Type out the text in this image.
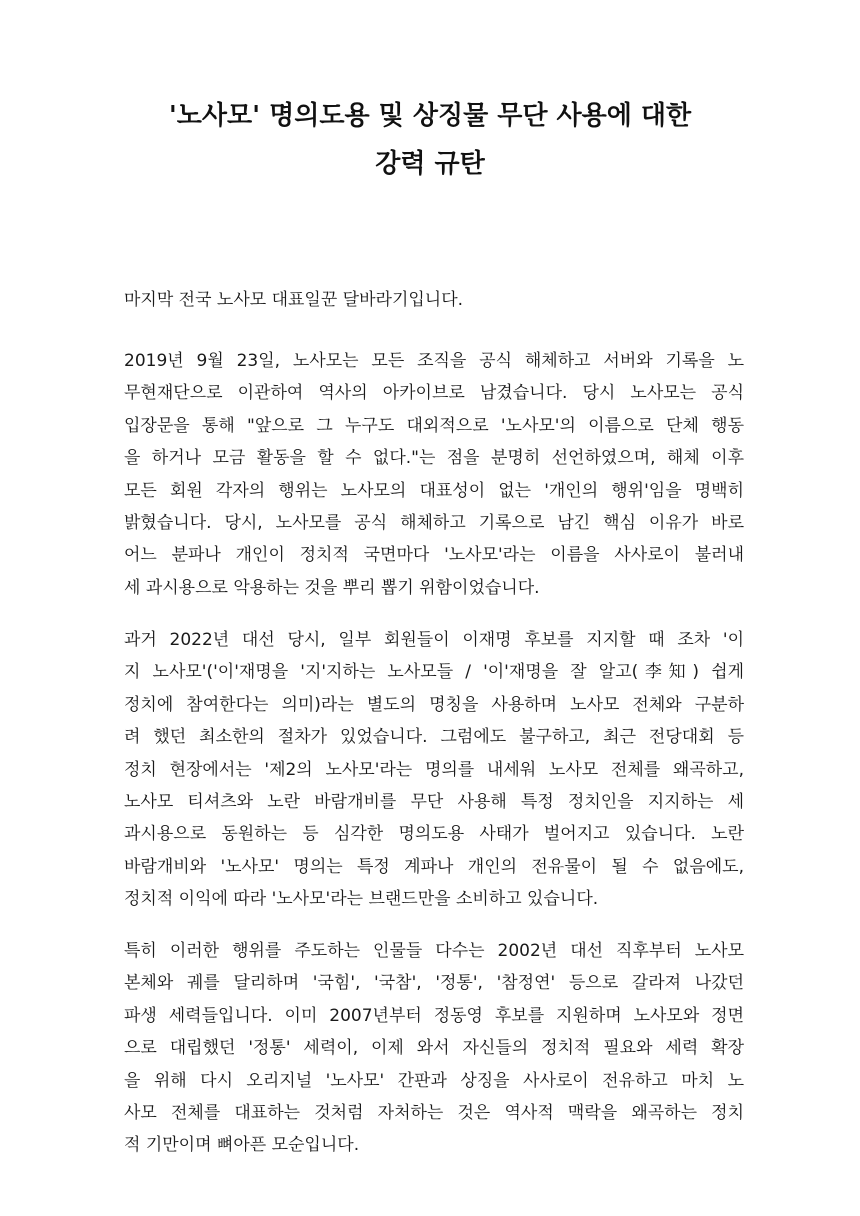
'노사모' 명의도용 및 상징물 무단 사용에 대한
강력 규탄
마지막 전국 노사모 대표일꾼 달바라기입니다.
2019년 9월 23일, 노사모는 모든 조직을 공식 해체하고 서버와 기록을 노
무현재단으로 이관하여 역사의 아카이브로 남겼습니다. 당시 노사모는 공식
입장문을 통해 "앞으로 그 누구도 대외적으로 '노사모'의 이름으로 단체 행동
을 하거나 모금 활동을 할 수 없다."는 점을 분명히 선언하였으며, 해체 이후
모든 회원 각자의 행위는 노사모의 대표성이 없는 '개인의 행위'임을 명백히
밝혔습니다. 당시, 노사모를 공식 해체하고 기록으로 남긴 핵심 이유가 바로
어느 분파나 개인이 정치적 국면마다 '노사모'라는 이름을 사사로이 불러내
세 과시용으로 악용하는 것을 뿌리 뽑기 위함이었습니다.
과거 2022년 대선 당시, 일부 회원들이 이재명 후보를 지지할 때 조차 '이
지 노사모'('이'재명을 '지'지하는 노사모들 / '이'재명을 잘 알고(李知) 쉽게
정치에 참여한다는 의미)라는 별도의 명칭을 사용하며 노사모 전체와 구분하
려 했던 최소한의 절차가 있었습니다. 그럼에도 불구하고, 최근 전당대회 등
정치 현장에서는 '제2의 노사모'라는 명의를 내세워 노사모 전체를 왜곡하고,
노사모 티셔츠와 노란 바람개비를 무단 사용해 특정 정치인을 지지하는 세
과시용으로 동원하는 등 심각한 명의도용 사태가 벌어지고 있습니다. 노란
바람개비와 '노사모' 명의는 특정 계파나 개인의 전유물이 될 수 없음에도,
정치적 이익에 따라 '노사모'라는 브랜드만을 소비하고 있습니다.
특히 이러한 행위를 주도하는 인물들 다수는 2002년 대선 직후부터 노사모
본체와 궤를 달리하며 '국힘', '국참', '정통', '참정연' 등으로 갈라져 나갔던
파생 세력들입니다. 이미 2007년부터 정동영 후보를 지원하며 노사모와 정면
으로 대립했던 '정통' 세력이, 이제 와서 자신들의 정치적 필요와 세력 확장
을 위해 다시 오리지널 '노사모' 간판과 상징을 사사로이 전유하고 마치 노
사모 전체를 대표하는 것처럼 자처하는 것은 역사적 맥락을 왜곡하는 정치
적 기만이며 뼈아픈 모순입니다.
